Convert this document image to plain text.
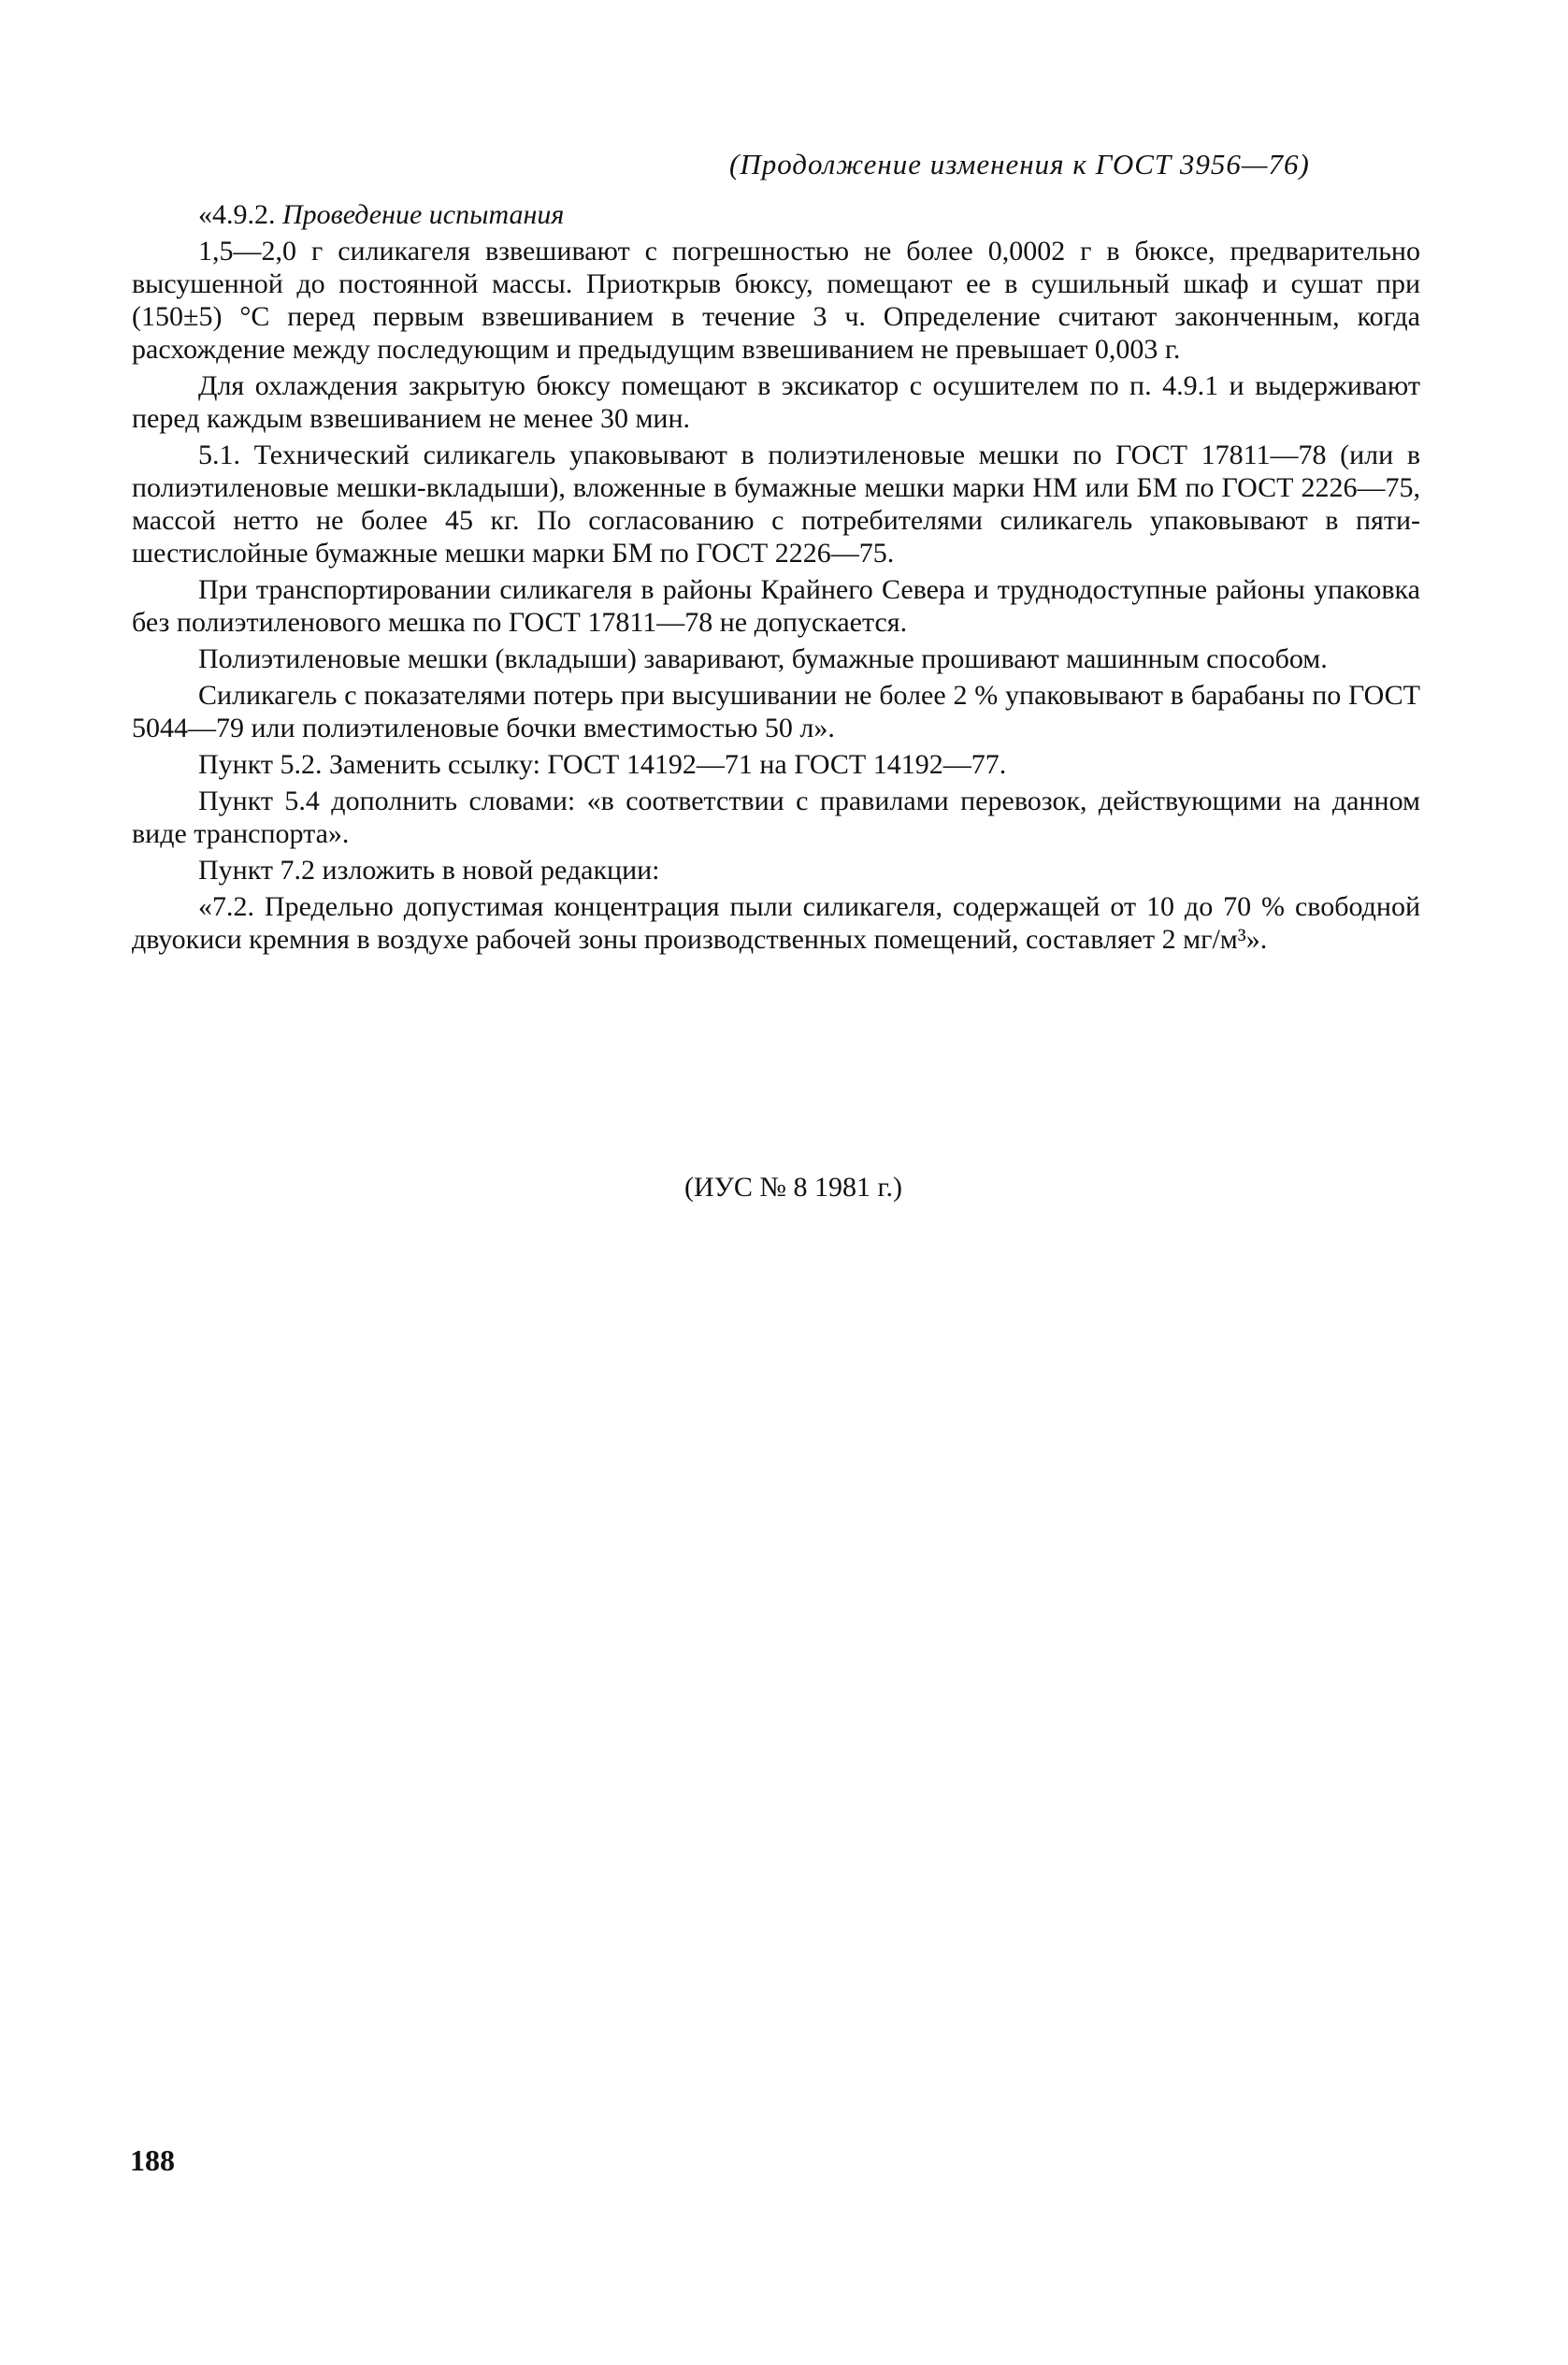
(Продолжение изменения к ГОСТ 3956—76)

«4.9.2. Проведение испытания

1,5—2,0 г силикагеля взвешивают с погрешностью не более 0,0002 г в бюксе, предварительно высушенной до постоянной массы. Приоткрыв бюксу, помещают ее в сушильный шкаф и сушат при (150±5) °С перед первым взвешиванием в течение 3 ч. Определение считают законченным, когда расхождение между последующим и предыдущим взвешиванием не превышает 0,003 г.

Для охлаждения закрытую бюксу помещают в эксикатор с осушителем по п. 4.9.1 и выдерживают перед каждым взвешиванием не менее 30 мин.

5.1. Технический силикагель упаковывают в полиэтиленовые мешки по ГОСТ 17811—78 (или в полиэтиленовые мешки-вкладыши), вложенные в бумажные мешки марки НМ или БМ по ГОСТ 2226—75, массой нетто не более 45 кг. По согласованию с потребителями силикагель упаковывают в пяти-шестислойные бумажные мешки марки БМ по ГОСТ 2226—75.

При транспортировании силикагеля в районы Крайнего Севера и труднодоступные районы упаковка без полиэтиленового мешка по ГОСТ 17811—78 не допускается.

Полиэтиленовые мешки (вкладыши) заваривают, бумажные прошивают машинным способом.

Силикагель с показателями потерь при высушивании не более 2 % упаковывают в барабаны по ГОСТ 5044—79 или полиэтиленовые бочки вместимостью 50 л».

Пункт 5.2. Заменить ссылку: ГОСТ 14192—71 на ГОСТ 14192—77.

Пункт 5.4 дополнить словами: «в соответствии с правилами перевозок, действующими на данном виде транспорта».

Пункт 7.2 изложить в новой редакции:

«7.2. Предельно допустимая концентрация пыли силикагеля, содержащей от 10 до 70 % свободной двуокиси кремния в воздухе рабочей зоны производственных помещений, составляет 2 мг/м³».

(ИУС № 8 1981 г.)
188
